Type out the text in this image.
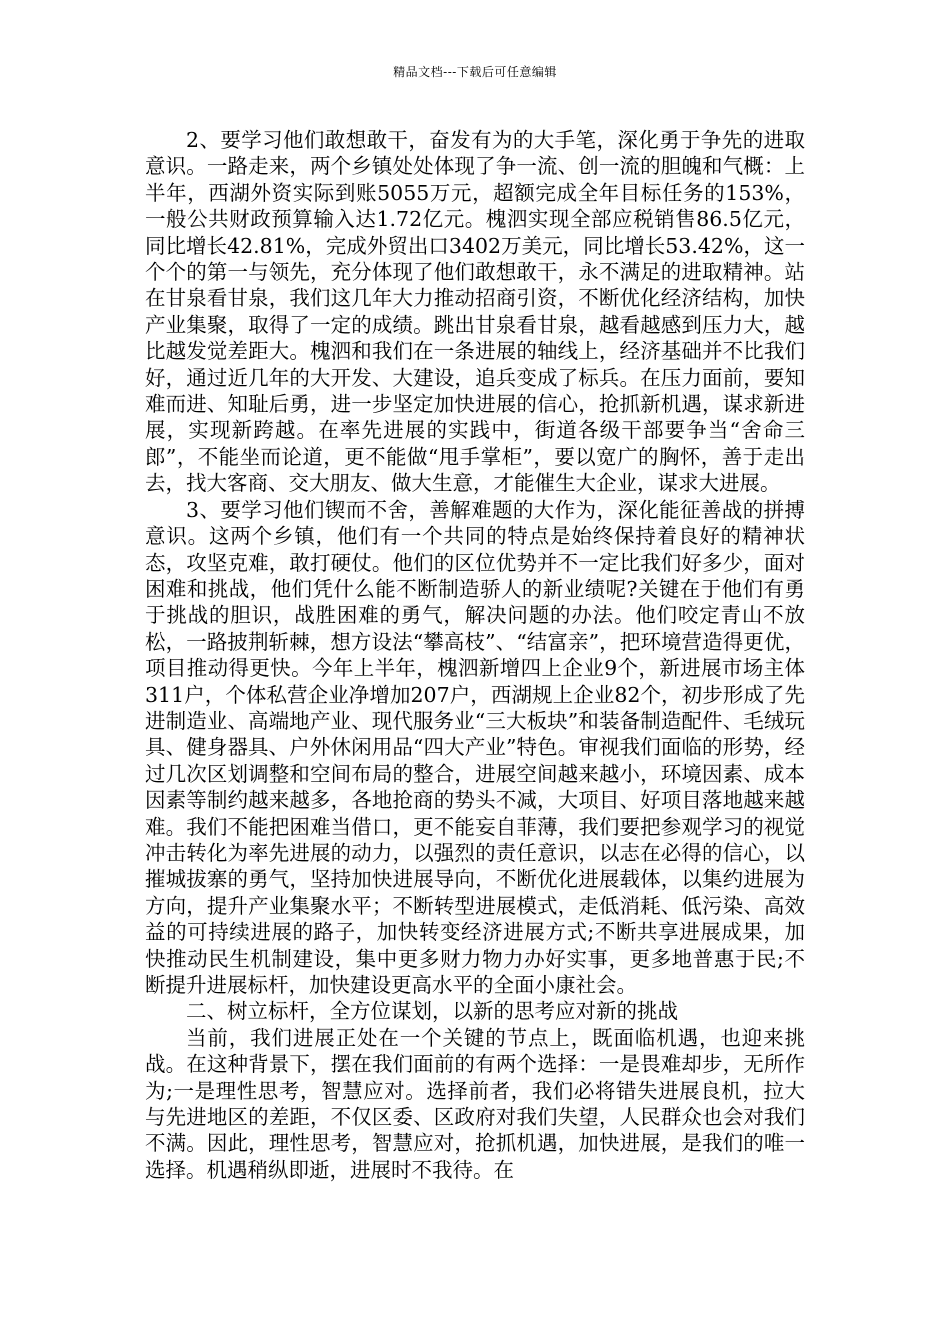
精品文档---下载后可任意编辑

2、要学习他们敢想敢干，奋发有为的大手笔，深化勇于争先的进取意识。一路走来，两个乡镇处处体现了争一流、创一流的胆魄和气概：上半年，西湖外资实际到账5055万元，超额完成全年目标任务的153%，一般公共财政预算输入达1.72亿元。槐泗实现全部应税销售86.5亿元，同比增长42.81%，完成外贸出口3402万美元，同比增长53.42%，这一个个的第一与领先，充分体现了他们敢想敢干，永不满足的进取精神。站在甘泉看甘泉，我们这几年大力推动招商引资，不断优化经济结构，加快产业集聚，取得了一定的成绩。跳出甘泉看甘泉，越看越感到压力大，越比越发觉差距大。槐泗和我们在一条进展的轴线上，经济基础并不比我们好，通过近几年的大开发、大建设，追兵变成了标兵。在压力面前，要知难而进、知耻后勇，进一步坚定加快进展的信心，抢抓新机遇，谋求新进展，实现新跨越。在率先进展的实践中，街道各级干部要争当“舍命三郎”，不能坐而论道，更不能做“甩手掌柜”，要以宽广的胸怀，善于走出去，找大客商、交大朋友、做大生意，才能催生大企业，谋求大进展。

3、要学习他们锲而不舍，善解难题的大作为，深化能征善战的拼搏意识。这两个乡镇，他们有一个共同的特点是始终保持着良好的精神状态，攻坚克难，敢打硬仗。他们的区位优势并不一定比我们好多少，面对困难和挑战，他们凭什么能不断制造骄人的新业绩呢?关键在于他们有勇于挑战的胆识，战胜困难的勇气，解决问题的办法。他们咬定青山不放松，一路披荆斩棘，想方设法“攀高枝”、“结富亲”，把环境营造得更优，项目推动得更快。今年上半年，槐泗新增四上企业9个，新进展市场主体311户，个体私营企业净增加207户，西湖规上企业82个，初步形成了先进制造业、高端地产业、现代服务业“三大板块”和装备制造配件、毛绒玩具、健身器具、户外休闲用品“四大产业”特色。审视我们面临的形势，经过几次区划调整和空间布局的整合，进展空间越来越小，环境因素、成本因素等制约越来越多，各地抢商的势头不减，大项目、好项目落地越来越难。我们不能把困难当借口，更不能妄自菲薄，我们要把参观学习的视觉冲击转化为率先进展的动力，以强烈的责任意识，以志在必得的信心，以摧城拔寨的勇气，坚持加快进展导向，不断优化进展载体，以集约进展为方向，提升产业集聚水平；不断转型进展模式，走低消耗、低污染、高效益的可持续进展的路子，加快转变经济进展方式;不断共享进展成果，加快推动民生机制建设，集中更多财力物力办好实事，更多地普惠于民;不断提升进展标杆，加快建设更高水平的全面小康社会。

二、树立标杆，全方位谋划，以新的思考应对新的挑战

当前，我们进展正处在一个关键的节点上，既面临机遇，也迎来挑战。在这种背景下，摆在我们面前的有两个选择：一是畏难却步，无所作为;一是理性思考，智慧应对。选择前者，我们必将错失进展良机，拉大与先进地区的差距，不仅区委、区政府对我们失望，人民群众也会对我们不满。因此，理性思考，智慧应对，抢抓机遇，加快进展，是我们的唯一选择。机遇稍纵即逝，进展时不我待。在
